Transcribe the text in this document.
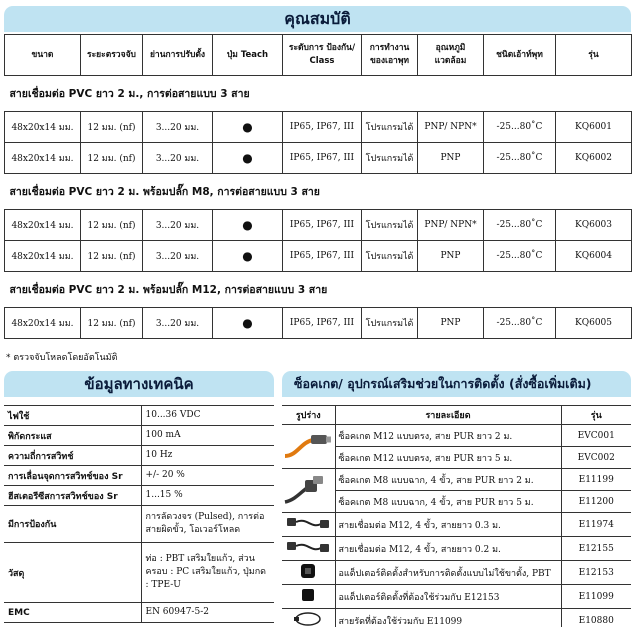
คุณสมบัติ
ขนาด	ระยะตรวจจับ	ย่านการปรับตั้ง	ปุ่ม Teach	ระดับการ ป้องกัน/ Class	การทำงาน ของเอาพุท	อุณหภูมิ แวดล้อม	ชนิดเอ้าท์พุท	รุ่น
สายเชื่อมต่อ PVC ยาว 2 ม., การต่อสายแบบ 3 สาย								
48x20x14 มม.	12 มม. (nf)	3...20 มม.	●	IP65, IP67, III	โปรแกรมได้	PNP/ NPN*	-25...80˚C	KQ6001
48x20x14 มม.	12 มม. (nf)	3...20 มม.	●	IP65, IP67, III	โปรแกรมได้	PNP	-25...80˚C	KQ6002
สายเชื่อมต่อ PVC ยาว 2 ม. พร้อมปลั๊ก M8, การต่อสายแบบ 3 สาย								
48x20x14 มม.	12 มม. (nf)	3...20 มม.	●	IP65, IP67, III	โปรแกรมได้	PNP/ NPN*	-25...80˚C	KQ6003
48x20x14 มม.	12 มม. (nf)	3...20 มม.	●	IP65, IP67, III	โปรแกรมได้	PNP	-25...80˚C	KQ6004
สายเชื่อมต่อ PVC ยาว 2 ม. พร้อมปลั๊ก M12, การต่อสายแบบ 3 สาย								
48x20x14 มม.	12 มม. (nf)	3...20 มม.	●	IP65, IP67, III	โปรแกรมได้	PNP	-25...80˚C	KQ6005
* ตรวจจับโหลดโดยอัตโนมัติ
ข้อมูลทางเทคนิค
ไฟใช้	10...36 VDC
พิกัดกระแส	100 mA
ความถี่การสวิทช์	10 Hz
การเลื่อนจุดการสวิทช์ของ Sr	+/- 20 %
ฮีสเตอรีซีสการสวิทช์ของ Sr	1...15 %
มีการป้องกัน	การลัดวงจร (Pulsed), การต่อสายผิดขั้ว, โอเวอร์โหลด
วัสดุ	ท่อ : PBT เสริมใยแก้ว, ส่วนครอบ : PC เสริมใยแก้ว, ปุ่มกด : TPE-U
EMC	EN 60947-5-2
ซ็อคเกต/ อุปกรณ์เสริมช่วยในการติดตั้ง (สั่งซื้อเพิ่มเติม)
รูปร่าง	รายละเอียด	รุ่น
	ซ็อคเกต M12 แบบตรง, สาย PUR ยาว 2 ม.	EVC001
	ซ็อคเกต M12 แบบตรง, สาย PUR ยาว 5 ม.	EVC002
	ซ็อคเกต M8 แบบฉาก, 4 ขั้ว, สาย PUR ยาว 2 ม.	E11199
	ซ็อคเกต M8 แบบฉาก, 4 ขั้ว, สาย PUR ยาว 5 ม.	E11200
	สายเชื่อมต่อ M12, 4 ขั้ว, สายยาว 0.3 ม.	E11974
	สายเชื่อมต่อ M12, 4 ขั้ว, สายยาว 0.2 ม.	E12155
	อแด็ปเตอร์ติดตั้งสำหรับการติดตั้งแบบไม่ใช้ขาตั้ง, PBT	E12153
	อแด็ปเตอร์ติดตั้งที่ต้องใช้ร่วมกับ E12153	E11099
	สายรัดที่ต้องใช้ร่วมกับ E11099	E10880
